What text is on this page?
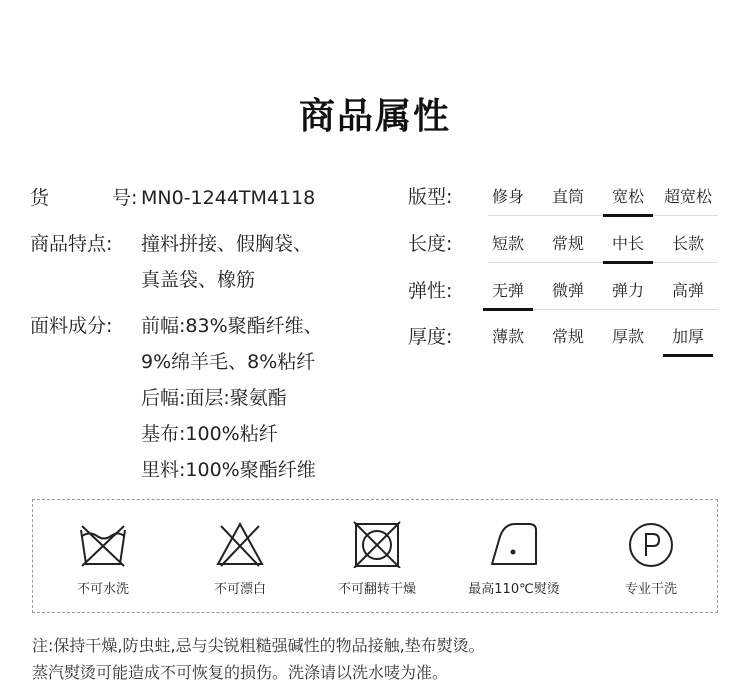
商品属性
货	号: MN0-1244TM4118
商品特点:	撞料拼接、假胸袋、
真盖袋、橡筋
面料成分:	前幅:83%聚酯纤维、
9%绵羊毛、8%粘纤
后幅:面层:聚氨酯
基布:100%粘纤
里料:100%聚酯纤维
版型:	修身	直筒	宽松	超宽松
长度:	短款	常规	中长	长款
弹性:	无弹	微弹	弹力	高弹
厚度:	薄款	常规	厚款	加厚
不可水洗	不可漂白	不可翻转干燥	最高110℃熨烫	专业干洗
注:保持干燥,防虫蛀,忌与尖锐粗糙强碱性的物品接触,垫布熨烫。
蒸汽熨烫可能造成不可恢复的损伤。洗涤请以洗水唛为准。
